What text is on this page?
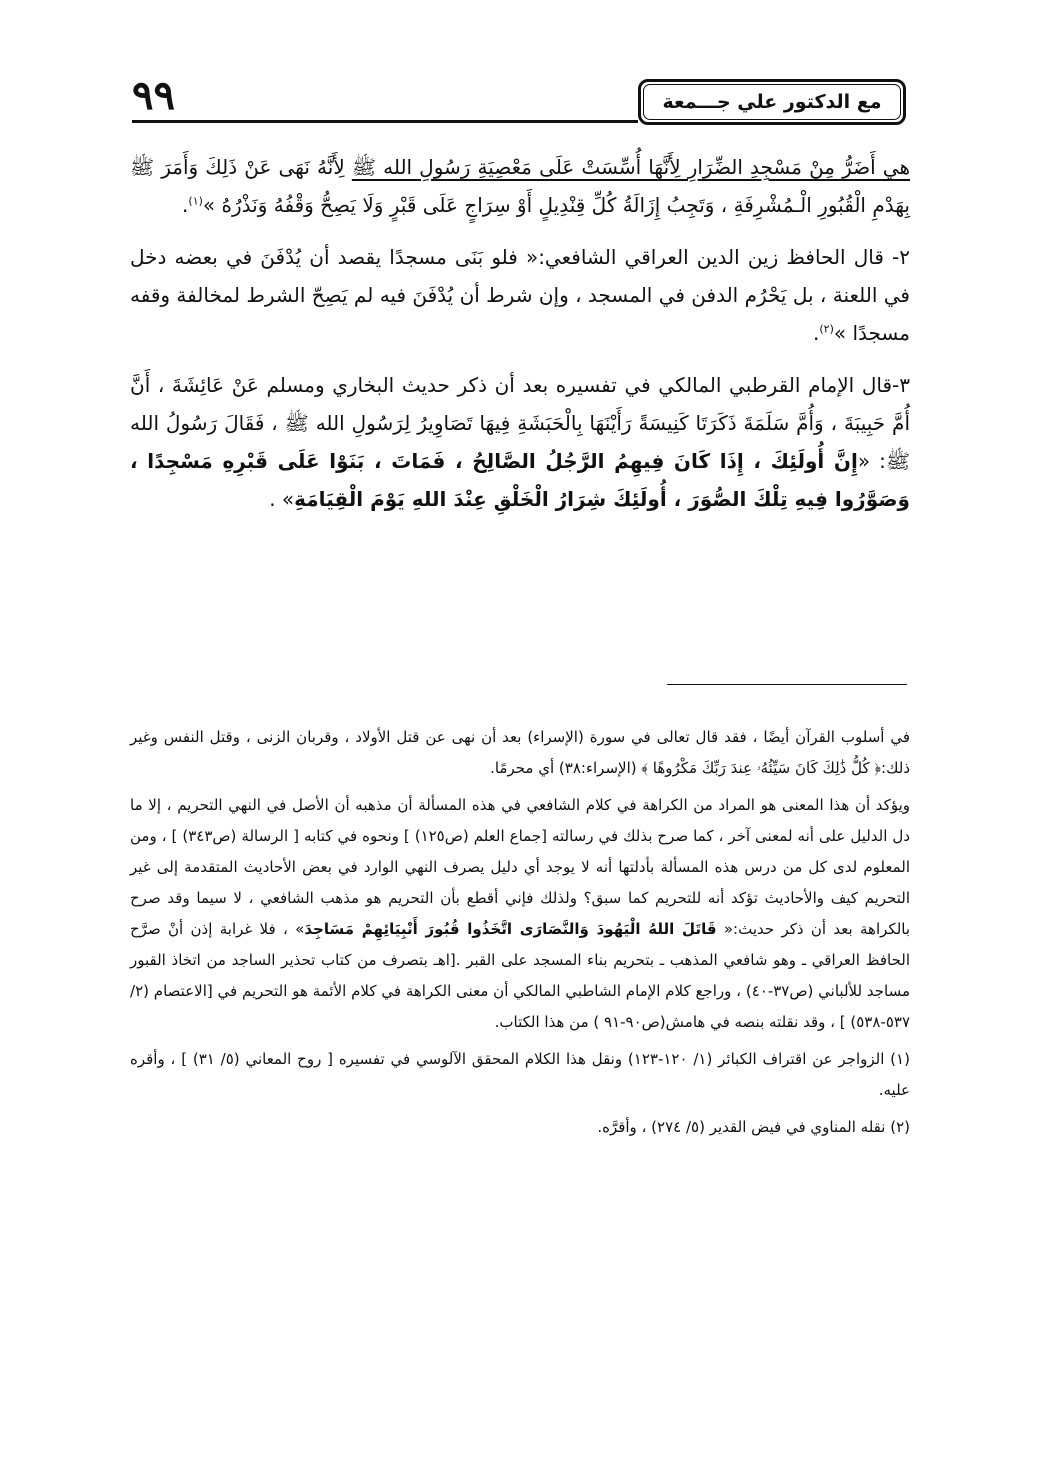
٩٩	مع الدكتور علي جـــمعة

هي أَضَرُّ مِنْ مَسْجِدِ الضِّرَارِ لِأَنَّهَا أُسِّسَتْ عَلَى مَعْصِيَةِ رَسُولِ الله ﷺ لِأَنَّهُ نَهَى عَنْ ذَلِكَ وَأَمَرَ ﷺ بِهَدْمِ الْقُبُورِ الْـمُشْرِفَةِ ، وَتَجِبُ إِزَالَةُ كُلِّ قِنْدِيلٍ أَوْ سِرَاجٍ عَلَى قَبْرٍ وَلَا يَصِحُّ وَقْفُهُ وَنَذْرُهُ »$^{(١)}$.

٢- قال الحافظ زين الدين العراقي الشافعي:« فلو بَنَى مسجدًا يقصد أن يُدْفَنَ في بعضه دخل في اللعنة ، بل يَحْرُم الدفن في المسجد ، وإن شرط أن يُدْفَنَ فيه لم يَصِحّ الشرط لمخالفة وقفه مسجدًا »$^{(٢)}$.

٣-قال الإمام القرطبي المالكي في تفسيره بعد أن ذكر حديث البخاري ومسلم عَنْ عَائِشَةَ ، أَنَّ أُمَّ حَبِيبَةَ ، وَأُمَّ سَلَمَةَ ذَكَرَتَا كَنِيسَةً رَأَيْنَهَا بِالْحَبَشَةِ فِيهَا تَصَاوِيرُ لِرَسُولِ الله ﷺ ، فَقَالَ رَسُولُ الله ﷺ: «إِنَّ أُولَئِكَ ، إِذَا كَانَ فِيهِمُ الرَّجُلُ الصَّالِحُ ، فَمَاتَ ، بَنَوْا عَلَى قَبْرِهِ مَسْجِدًا ، وَصَوَّرُوا فِيهِ تِلْكَ الصُّوَرَ ، أُولَئِكَ شِرَارُ الْخَلْقِ عِنْدَ اللهِ يَوْمَ الْقِيَامَةِ» .

في أسلوب القرآن أيضًا ، فقد قال تعالى في سورة (الإسراء) بعد أن نهى عن قتل الأولاد ، وقربان الزنى ، وقتل النفس وغير ذلك:﴿ كُلُّ ذَٰلِكَ كَانَ سَيِّئُهُۥ عِندَ رَبِّكَ مَكْرُوهًا ﴾ (الإسراء:٣٨) أي محرمًا.

ويؤكد أن هذا المعنى هو المراد من الكراهة في كلام الشافعي في هذه المسألة أن مذهبه أن الأصل في النهي التحريم ، إلا ما دل الدليل على أنه لمعنى آخر ، كما صرح بذلك في رسالته [جماع العلم (ص١٢٥) ] ونحوه في كتابه [ الرسالة (ص٣٤٣) ] ، ومن المعلوم لدى كل من درس هذه المسألة بأدلتها أنه لا يوجد أي دليل يصرف النهي الوارد في بعض الأحاديث المتقدمة إلى غير التحريم كيف والأحاديث تؤكد أنه للتحريم كما سبق؟ ولذلك فإني أقطع بأن التحريم هو مذهب الشافعي ، لا سيما وقد صرح بالكراهة بعد أن ذكر حديث:« قَاتَلَ اللهُ الْيَهُودَ وَالنَّصَارَى اتَّخَذُوا قُبُورَ أَنْبِيَائِهِمْ مَسَاجِدَ» ، فلا غرابة إذن أنْ صرَّح الحافظ العراقي ـ وهو شافعي المذهب ـ بتحريم بناء المسجد على القبر .[اهـ بتصرف من كتاب تحذير الساجد من اتخاذ القبور مساجد للألباني (ص٣٧-٤٠) ، وراجع كلام الإمام الشاطبي المالكي أن معنى الكراهة في كلام الأئمة هو التحريم في [الاعتصام (٢/ ٥٣٧-٥٣٨) ] ، وقد نقلته بنصه في هامش(ص٩٠-٩١ ) من هذا الكتاب.

(١) الزواجر عن اقتراف الكبائر (١/ ١٢٠-١٢٣) ونقل هذا الكلام المحقق الآلوسي في تفسيره [ روح المعاني (٥/ ٣١) ] ، وأقره عليه.

(٢) نقله المناوي في فيض القدير (٥/ ٢٧٤) ، وأقرَّه.
